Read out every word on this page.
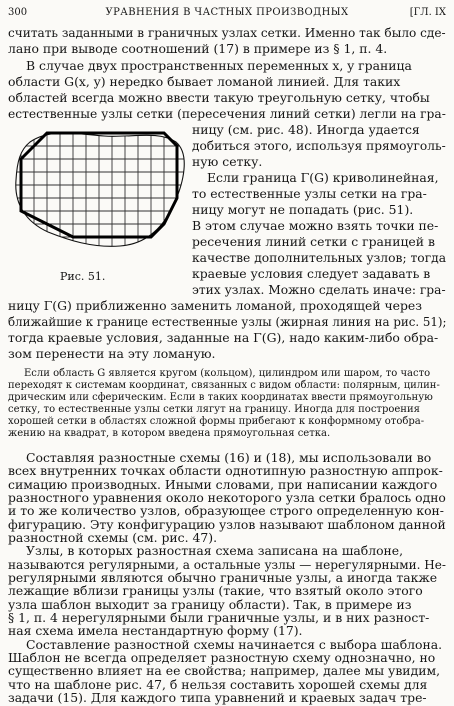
300	УРАВНЕНИЯ В ЧАСТНЫХ ПРОИЗВОДНЫХ	[ГЛ. IX
считать заданными в граничных узлах сетки. Именно так было сде-
лано при выводе соотношений (17) в примере из § 1, п. 4.
В случае двух пространственных переменных x, y граница
области G(x, y) нередко бывает ломаной линией. Для таких
областей всегда можно ввести такую треугольную сетку, чтобы
естественные узлы сетки (пересечения линий сетки) легли на гра-
ницу (см. рис. 48). Иногда удается
добиться этого, используя прямоуголь-
ную сетку.
Если граница Γ(G) криволинейная,
то естественные узлы сетки на гра-
ницу могут не попадать (рис. 51).
В этом случае можно взять точки пе-
ресечения линий сетки с границей в
качестве дополнительных узлов; тогда
краевые условия следует задавать в
этих узлах. Можно сделать иначе: гра-
ницу Γ(G) приближенно заменить ломаной, проходящей через
ближайшие к границе естественные узлы (жирная линия на рис. 51);
тогда краевые условия, заданные на Γ(G), надо каким-либо обра-
зом перенести на эту ломаную.
Рис. 51.
Если область G является кругом (кольцом), цилиндром или шаром, то часто
переходят к системам координат, связанных с видом области: полярным, цилин-
дрическим или сферическим. Если в таких координатах ввести прямоугольную
сетку, то естественные узлы сетки лягут на границу. Иногда для построения
хорошей сетки в областях сложной формы прибегают к конформному отобра-
жению на квадрат, в котором введена прямоугольная сетка.
Составляя разностные схемы (16) и (18), мы использовали во
всех внутренних точках области однотипную разностную аппрок-
симацию производных. Иными словами, при написании каждого
разностного уравнения около некоторого узла сетки бралось одно
и то же количество узлов, образующее строго определенную кон-
фигурацию. Эту конфигурацию узлов называют шаблоном данной
разностной схемы (см. рис. 47).
Узлы, в которых разностная схема записана на шаблоне,
называются регулярными, а остальные узлы — нерегулярными. Не-
регулярными являются обычно граничные узлы, а иногда также
лежащие вблизи границы узлы (такие, что взятый около этого
узла шаблон выходит за границу области). Так, в примере из
§ 1, п. 4 нерегулярными были граничные узлы, и в них разност-
ная схема имела нестандартную форму (17).
Составление разностной схемы начинается с выбора шаблона.
Шаблон не всегда определяет разностную схему однозначно, но
существенно влияет на ее свойства; например, далее мы увидим,
что на шаблоне рис. 47, б нельзя составить хорошей схемы для
задачи (15). Для каждого типа уравнений и краевых задач тре-
